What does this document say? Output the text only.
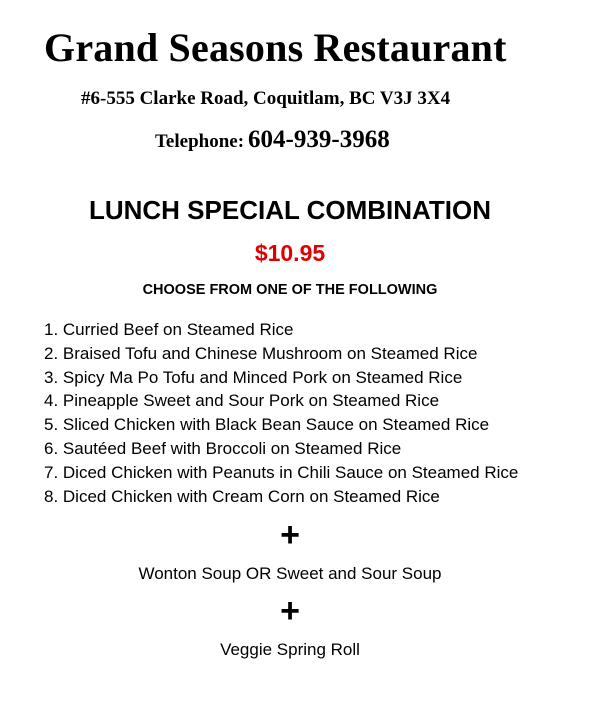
Grand Seasons Restaurant
#6-555 Clarke Road, Coquitlam, BC V3J 3X4
Telephone: 604-939-3968
LUNCH SPECIAL COMBINATION
$10.95
CHOOSE FROM ONE OF THE FOLLOWING
1. Curried Beef on Steamed Rice
2. Braised Tofu and Chinese Mushroom on Steamed Rice
3. Spicy Ma Po Tofu and Minced Pork on Steamed Rice
4. Pineapple Sweet and Sour Pork on Steamed Rice
5. Sliced Chicken with Black Bean Sauce on Steamed Rice
6. Sautéed Beef with Broccoli on Steamed Rice
7. Diced Chicken with Peanuts in Chili Sauce on Steamed Rice
8. Diced Chicken with Cream Corn on Steamed Rice
+
Wonton Soup OR Sweet and Sour Soup
+
Veggie Spring Roll
